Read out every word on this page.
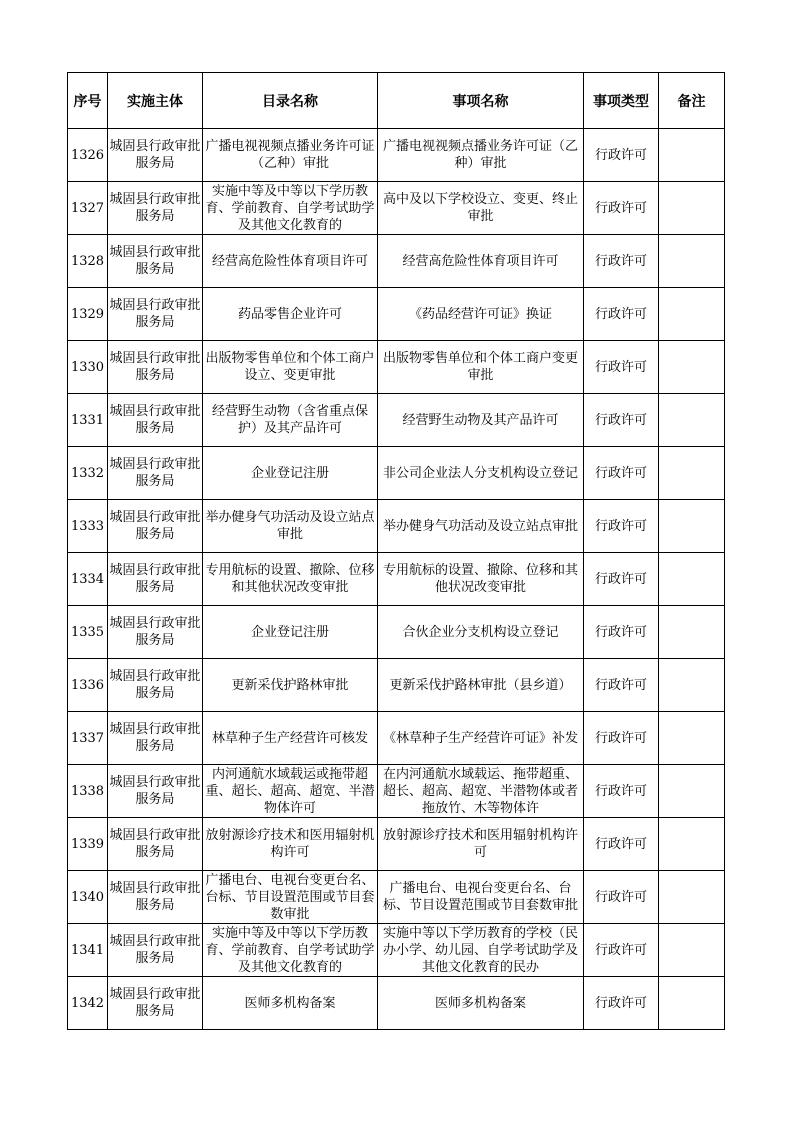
序号	实施主体	目录名称	事项名称	事项类型	备注
1326	城固县行政审批服务局	广播电视视频点播业务许可证（乙种）审批	广播电视视频点播业务许可证（乙种）审批	行政许可	
1327	城固县行政审批服务局	实施中等及中等以下学历教育、学前教育、自学考试助学及其他文化教育的	高中及以下学校设立、变更、终止审批	行政许可	
1328	城固县行政审批服务局	经营高危险性体育项目许可	经营高危险性体育项目许可	行政许可	
1329	城固县行政审批服务局	药品零售企业许可	《药品经营许可证》换证	行政许可	
1330	城固县行政审批服务局	出版物零售单位和个体工商户设立、变更审批	出版物零售单位和个体工商户变更审批	行政许可	
1331	城固县行政审批服务局	经营野生动物（含省重点保护）及其产品许可	经营野生动物及其产品许可	行政许可	
1332	城固县行政审批服务局	企业登记注册	非公司企业法人分支机构设立登记	行政许可	
1333	城固县行政审批服务局	举办健身气功活动及设立站点审批	举办健身气功活动及设立站点审批	行政许可	
1334	城固县行政审批服务局	专用航标的设置、撤除、位移和其他状况改变审批	专用航标的设置、撤除、位移和其他状况改变审批	行政许可	
1335	城固县行政审批服务局	企业登记注册	合伙企业分支机构设立登记	行政许可	
1336	城固县行政审批服务局	更新采伐护路林审批	更新采伐护路林审批（县乡道）	行政许可	
1337	城固县行政审批服务局	林草种子生产经营许可核发	《林草种子生产经营许可证》补发	行政许可	
1338	城固县行政审批服务局	内河通航水域载运或拖带超重、超长、超高、超宽、半潜物体许可	在内河通航水域载运、拖带超重、超长、超高、超宽、半潜物体或者拖放竹、木等物体许	行政许可	
1339	城固县行政审批服务局	放射源诊疗技术和医用辐射机构许可	放射源诊疗技术和医用辐射机构许可	行政许可	
1340	城固县行政审批服务局	广播电台、电视台变更台名、台标、节目设置范围或节目套数审批	广播电台、电视台变更台名、台标、节目设置范围或节目套数审批	行政许可	
1341	城固县行政审批服务局	实施中等及中等以下学历教育、学前教育、自学考试助学及其他文化教育的	实施中等以下学历教育的学校（民办小学、幼儿园、自学考试助学及其他文化教育的民办	行政许可	
1342	城固县行政审批服务局	医师多机构备案	医师多机构备案	行政许可	
